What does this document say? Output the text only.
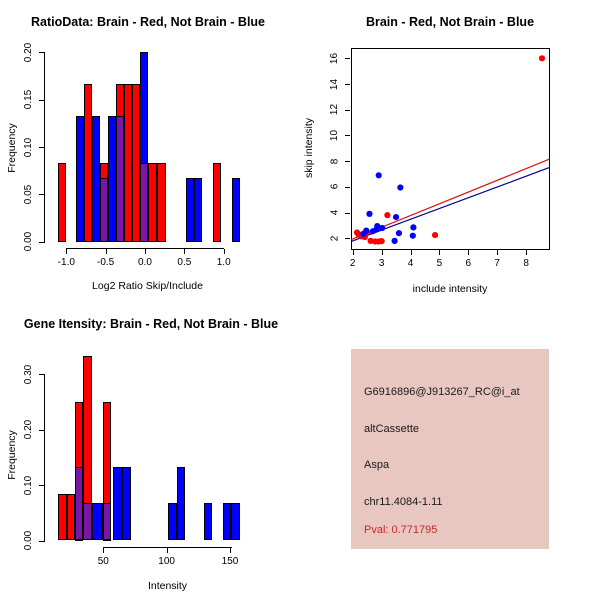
RatioData: Brain - Red, Not Brain - Blue
Frequency
Log2 Ratio Skip/Include
0.00
0.05
0.10
0.15
0.20
-1.0	-0.5	0.0	0.5	1.0
Brain - Red, Not Brain - Blue
skip intensity
include intensity
2
4
6
8
10
12
14
16
2	3	4	5	6	7	8
Gene Itensity: Brain - Red, Not Brain - Blue
Frequency
Intensity
0.00
0.10
0.20
0.30
50	100	150
G6916896@J913267_RC@i_at
altCassette
Aspa
chr11.4084-1.11
Pval: 0.771795
